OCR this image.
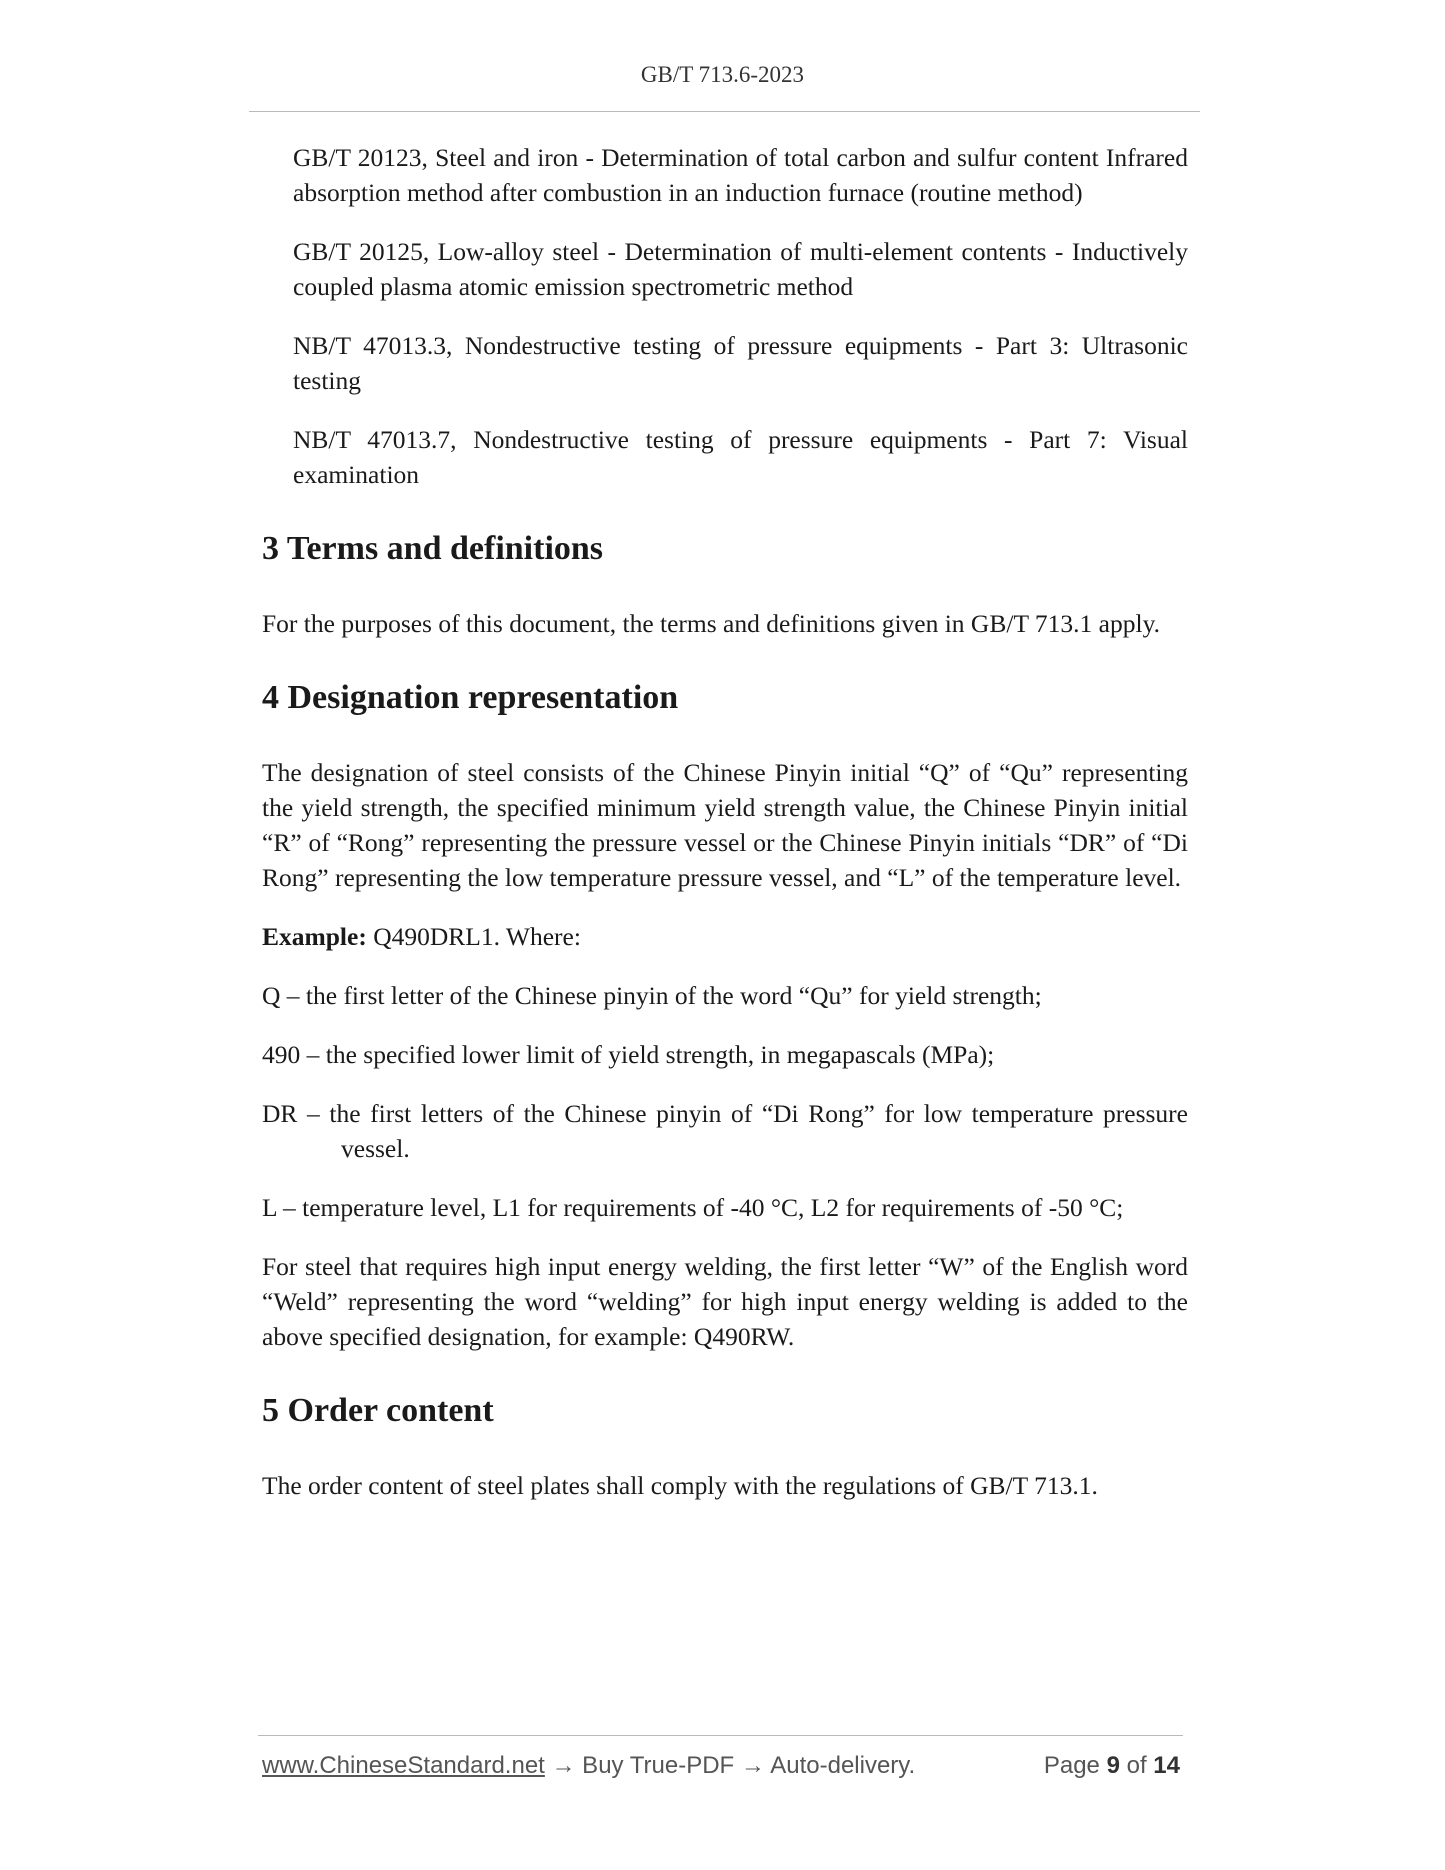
GB/T 713.6-2023

GB/T 20123, Steel and iron - Determination of total carbon and sulfur content Infrared absorption method after combustion in an induction furnace (routine method)

GB/T 20125, Low-alloy steel - Determination of multi-element contents - Inductively coupled plasma atomic emission spectrometric method

NB/T 47013.3, Nondestructive testing of pressure equipments - Part 3: Ultrasonic testing

NB/T 47013.7, Nondestructive testing of pressure equipments - Part 7: Visual examination

3 Terms and definitions

For the purposes of this document, the terms and definitions given in GB/T 713.1 apply.

4 Designation representation

The designation of steel consists of the Chinese Pinyin initial “Q” of “Qu” representing the yield strength, the specified minimum yield strength value, the Chinese Pinyin initial “R” of “Rong” representing the pressure vessel or the Chinese Pinyin initials “DR” of “Di Rong” representing the low temperature pressure vessel, and “L” of the temperature level.

Example: Q490DRL1. Where:

Q – the first letter of the Chinese pinyin of the word “Qu” for yield strength;

490 – the specified lower limit of yield strength, in megapascals (MPa);

DR – the first letters of the Chinese pinyin of “Di Rong” for low temperature pressure vessel.

L – temperature level, L1 for requirements of -40 °C, L2 for requirements of -50 °C;

For steel that requires high input energy welding, the first letter “W” of the English word “Weld” representing the word “welding” for high input energy welding is added to the above specified designation, for example: Q490RW.

5 Order content

The order content of steel plates shall comply with the regulations of GB/T 713.1.

www.ChineseStandard.net → Buy True-PDF → Auto-delivery.	Page 9 of 14
